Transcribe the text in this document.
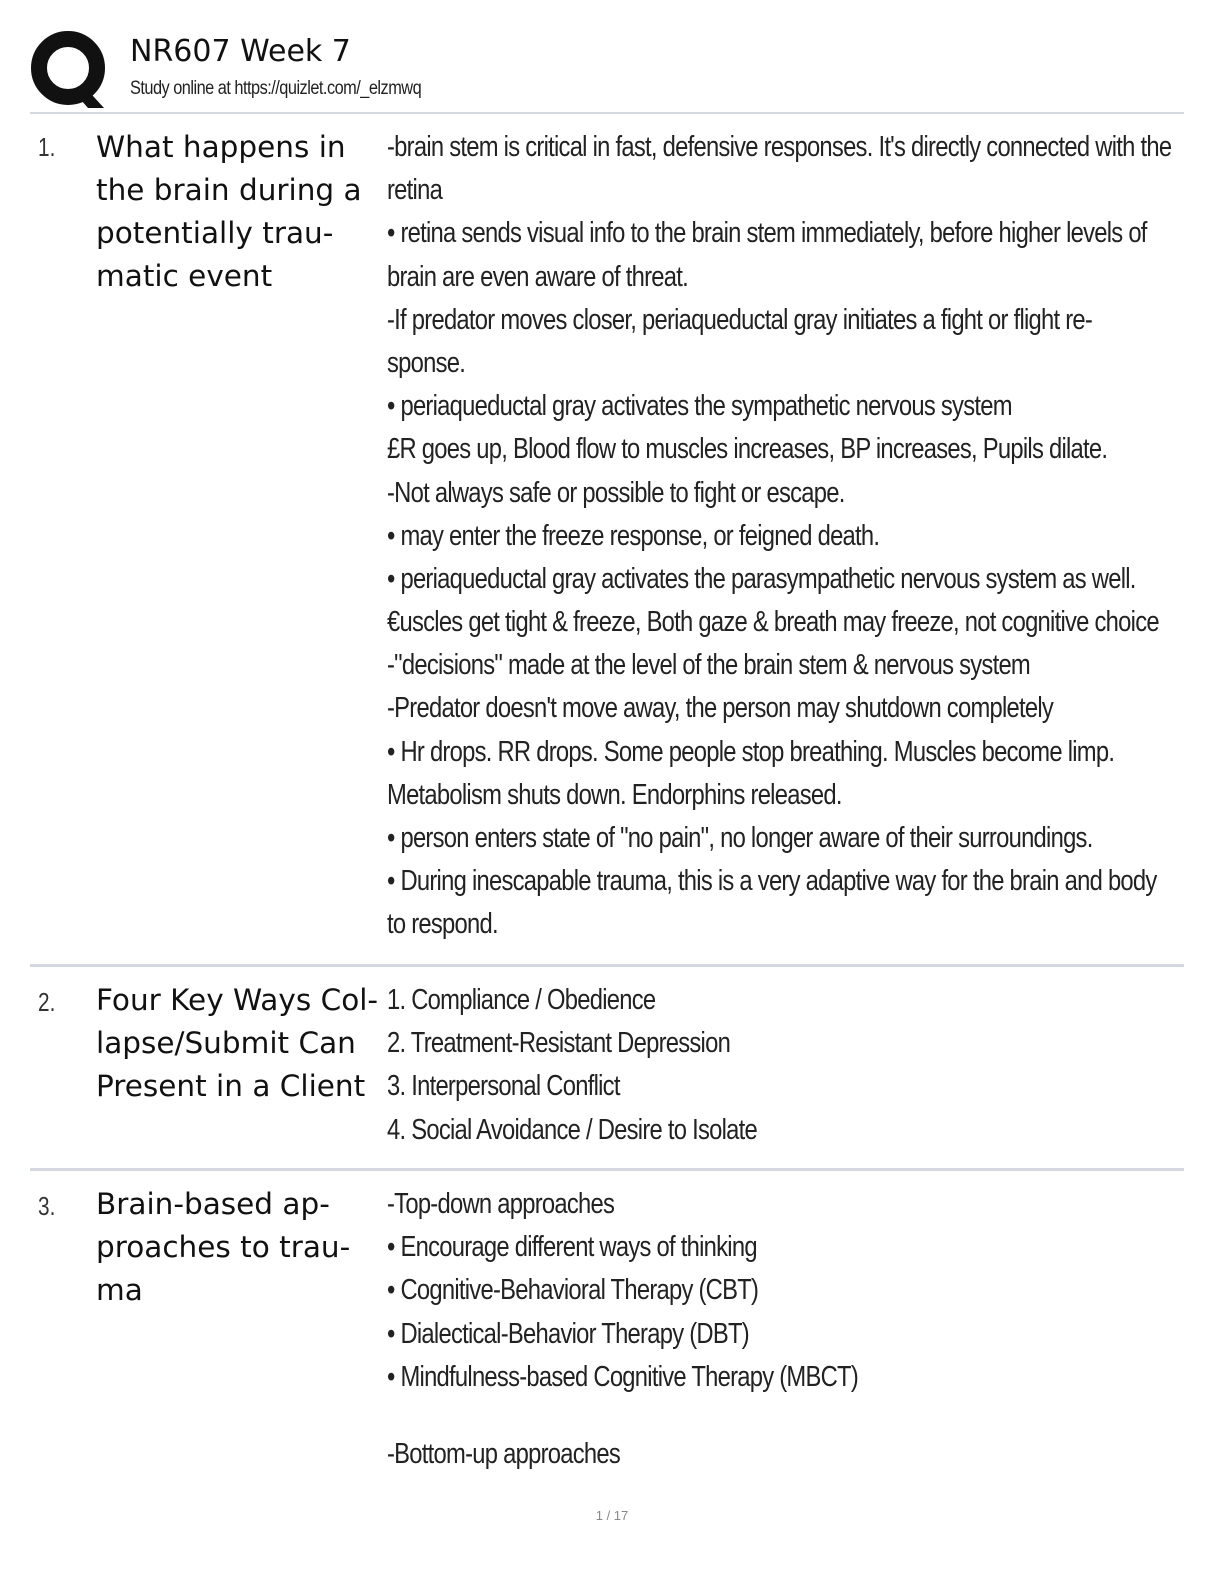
NR607 Week 7
Study online at https://quizlet.com/_elzmwq
1. What happens in the brain during a potentially trau-matic event
-brain stem is critical in fast, defensive responses. It's directly connected with the
retina
• retina sends visual info to the brain stem immediately, before higher levels of
brain are even aware of threat.
-If predator moves closer, periaqueductal gray initiates a fight or flight re-
sponse.
• periaqueductal gray activates the sympathetic nervous system
£R goes up, Blood flow to muscles increases, BP increases, Pupils dilate.
-Not always safe or possible to fight or escape.
• may enter the freeze response, or feigned death.
• periaqueductal gray activates the parasympathetic nervous system as well.
€uscles get tight & freeze, Both gaze & breath may freeze, not cognitive choice
-"decisions" made at the level of the brain stem & nervous system
-Predator doesn't move away, the person may shutdown completely
• Hr drops. RR drops. Some people stop breathing. Muscles become limp.
Metabolism shuts down. Endorphins released.
• person enters state of "no pain", no longer aware of their surroundings.
• During inescapable trauma, this is a very adaptive way for the brain and body
to respond.
2. Four Key Ways Col-lapse/Submit Can Present in a Client
1. Compliance / Obedience
2. Treatment-Resistant Depression
3. Interpersonal Conflict
4. Social Avoidance / Desire to Isolate
3. Brain-based ap-proaches to trau-ma
-Top-down approaches
• Encourage different ways of thinking
• Cognitive-Behavioral Therapy (CBT)
• Dialectical-Behavior Therapy (DBT)
• Mindfulness-based Cognitive Therapy (MBCT)
-Bottom-up approaches
1 / 17
